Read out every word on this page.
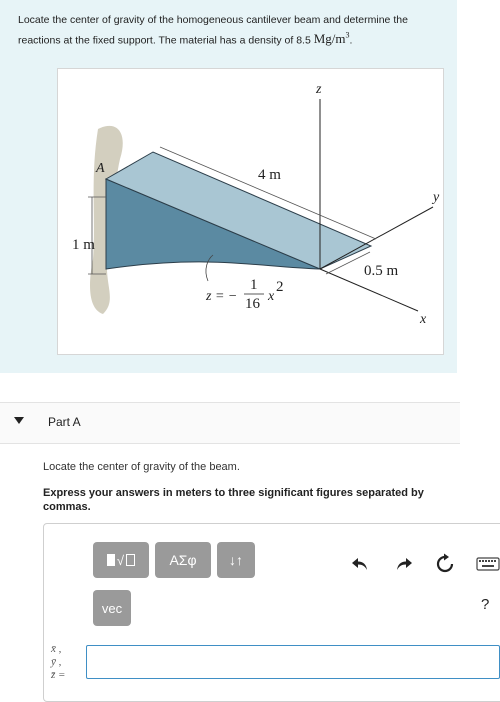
Locate the center of gravity of the homogeneous cantilever beam and determine the reactions at the fixed support. The material has a density of 8.5 $Mg/m^3$.
A
z
y
x
4 m
1 m
0.5 m
z = −
1
16 x
2
Part A
Locate the center of gravity of the beam.
Express your answers in meters to three significant figures separated by commas.
√	ΑΣφ	↓↑
vec	?
x̄ ,
ȳ ,
z̄ =
